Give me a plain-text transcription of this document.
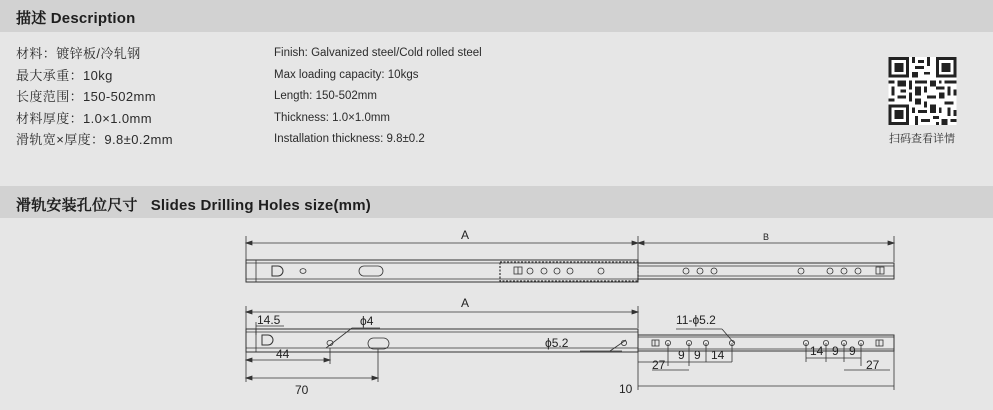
描述 Description
材料：镀锌板/冷轧钢
最大承重：10kg
长度范围：150-502mm
材料厚度：1.0×1.0mm
滑轨宽×厚度：9.8±0.2mm
Finish: Galvanized steel/Cold rolled steel
Max loading capacity: 10kgs
Length: 150-502mm
Thickness: 1.0×1.0mm
Installation thickness: 9.8±0.2	扫码查看详情
滑轨安装孔位尺寸   Slides Drilling Holes size(mm)
A	B
A
14.5	ϕ4
44
70
ϕ5.2
11-ϕ5.2
27
9 9 14	14 9 9
27
10
